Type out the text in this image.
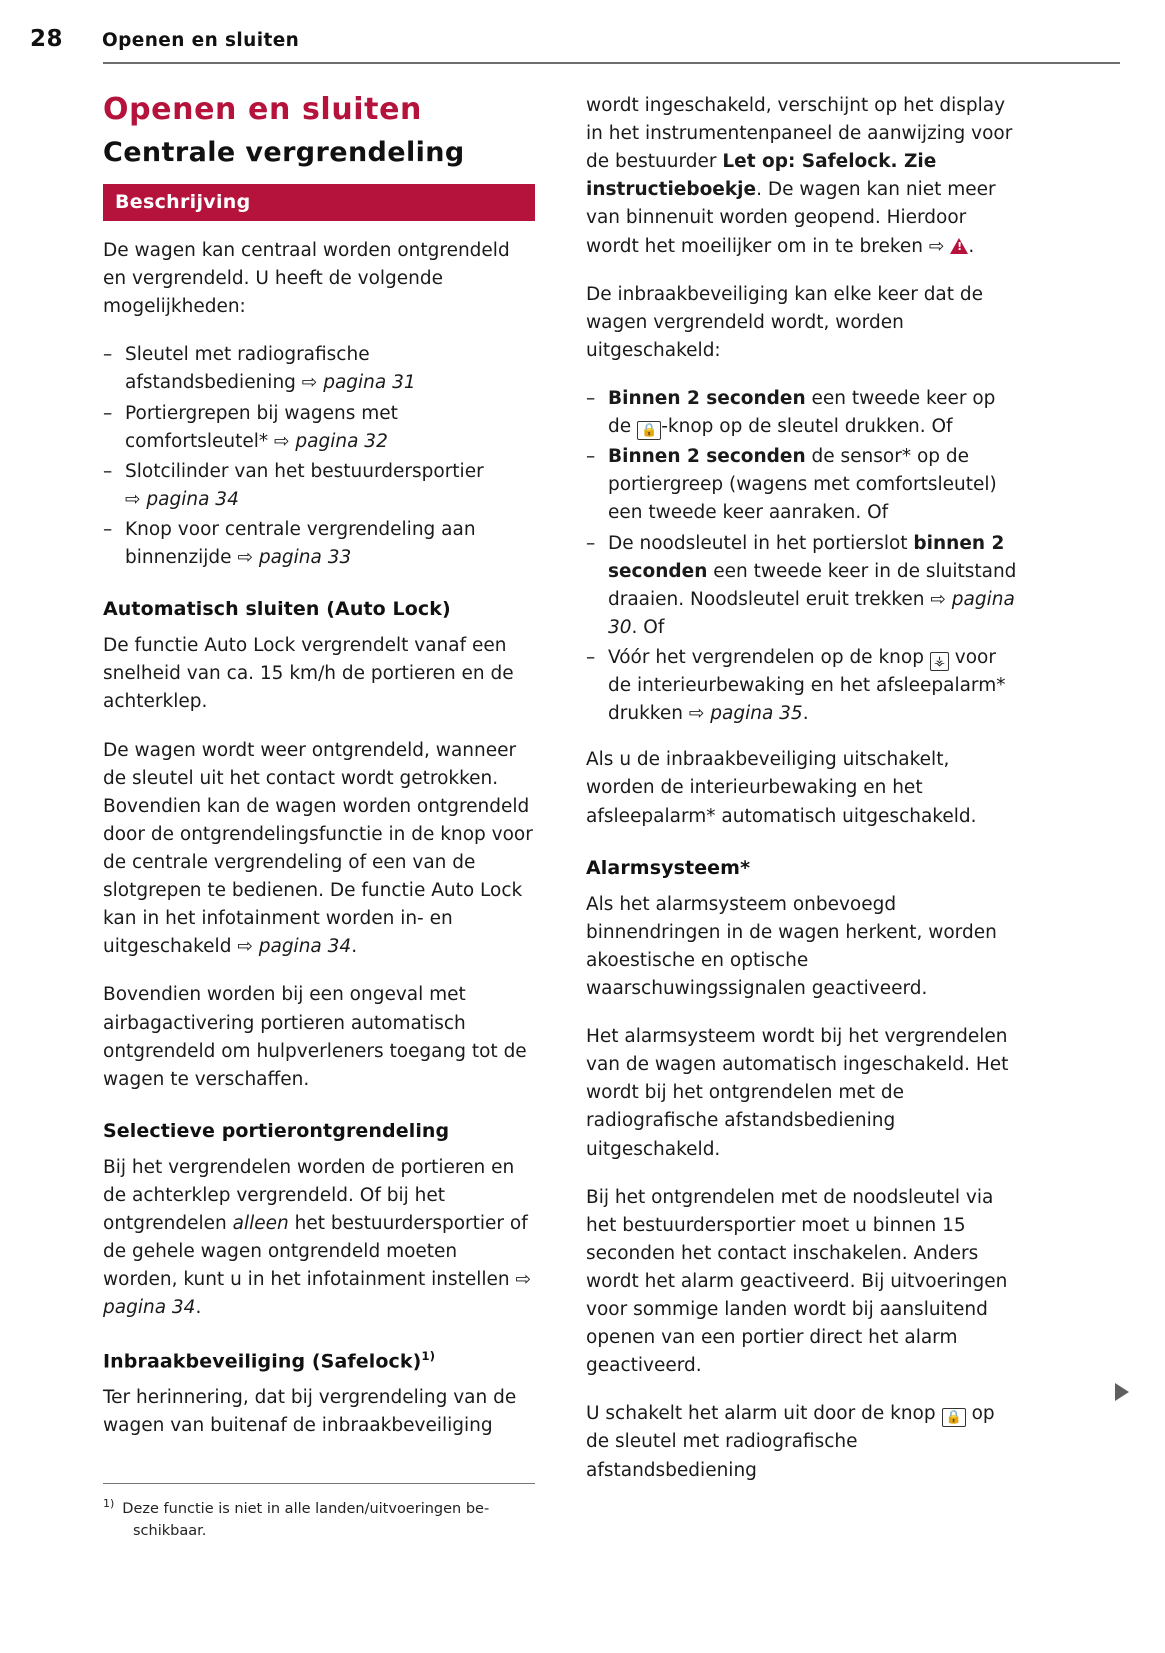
28	Openen en sluiten
Openen en sluiten
Centrale vergrendeling
Beschrijving

De wagen kan centraal worden ontgrendeld en vergrendeld. U heeft de volgende mogelijkheden:

– Sleutel met radiografische afstandsbediening ⇨ pagina 31
– Portiergrepen bij wagens met comfortsleutel* ⇨ pagina 32
– Slotcilinder van het bestuurdersportier
⇨ pagina 34
– Knop voor centrale vergrendeling aan binnenzijde ⇨ pagina 33
Automatisch sluiten (Auto Lock)

De functie Auto Lock vergrendelt vanaf een snelheid van ca. 15 km/h de portieren en de achterklep.

De wagen wordt weer ontgrendeld, wanneer de sleutel uit het contact wordt getrokken. Bovendien kan de wagen worden ontgrendeld door de ontgrendelingsfunctie in de knop voor de centrale vergrendeling of een van de slotgrepen te bedienen. De functie Auto Lock kan in het infotainment worden in- en uitgeschakeld ⇨ pagina 34.

Bovendien worden bij een ongeval met airbagactivering portieren automatisch ontgrendeld om hulpverleners toegang tot de wagen te verschaffen.

Selectieve portierontgrendeling

Bij het vergrendelen worden de portieren en de achterklep vergrendeld. Of bij het ontgrendelen alleen het bestuurdersportier of de gehele wagen ontgrendeld moeten worden, kunt u in het infotainment instellen ⇨ pagina 34.

Inbraakbeveiliging (Safelock)$^{1)}$

Ter herinnering, dat bij vergrendeling van de wagen van buitenaf de inbraakbeveiliging

wordt ingeschakeld, verschijnt op het display in het instrumentenpaneel de aanwijzing voor de bestuurder Let op: Safelock. Zie instructieboekje. De wagen kan niet meer van binnenuit worden geopend. Hierdoor wordt het moeilijker om in te breken ⇨ ! .

De inbraakbeveiliging kan elke keer dat de wagen vergrendeld wordt, worden uitgeschakeld:

– Binnen 2 seconden een tweede keer op de 🔒 -knop op de sleutel drukken. Of
– Binnen 2 seconden de sensor* op de portiergreep (wagens met comfortsleutel) een tweede keer aanraken. Of
– De noodsleutel in het portierslot binnen 2 seconden een tweede keer in de sluitstand draaien. Noodsleutel eruit trekken ⇨ pagina 30. Of
– Vóór het vergrendelen op de knop ⚶ voor de interieurbewaking en het afsleepalarm* drukken ⇨ pagina 35.

Als u de inbraakbeveiliging uitschakelt, worden de interieurbewaking en het afsleepalarm* automatisch uitgeschakeld.

Alarmsysteem*

Als het alarmsysteem onbevoegd binnendringen in de wagen herkent, worden akoestische en optische waarschuwingssignalen geactiveerd.

Het alarmsysteem wordt bij het vergrendelen van de wagen automatisch ingeschakeld. Het wordt bij het ontgrendelen met de radiografische afstandsbediening uitgeschakeld.

Bij het ontgrendelen met de noodsleutel via het bestuurdersportier moet u binnen 15 seconden het contact inschakelen. Anders wordt het alarm geactiveerd. Bij uitvoeringen voor sommige landen wordt bij aansluitend openen van een portier direct het alarm geactiveerd.

U schakelt het alarm uit door de knop 🔒 op de sleutel met radiografische afstandsbediening

$^{1)}$ Deze functie is niet in alle landen/uitvoeringen be-
schikbaar.
